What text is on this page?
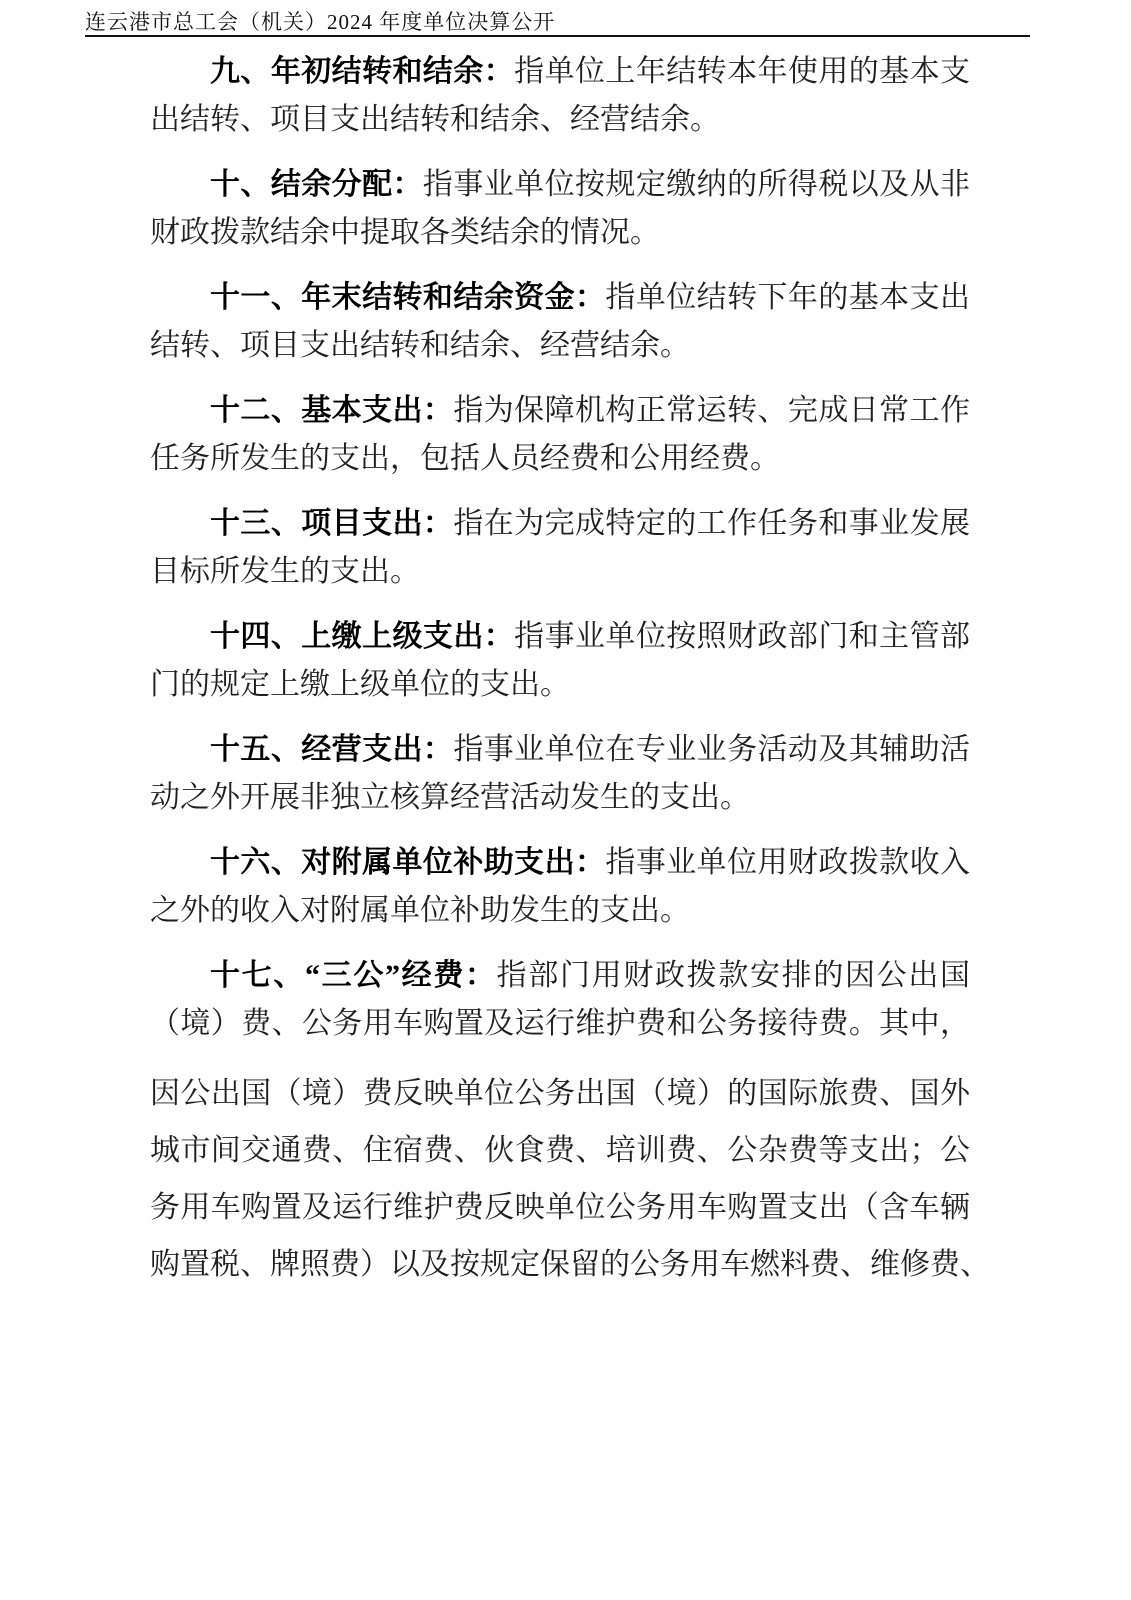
连云港市总工会（机关）2024 年度单位决算公开
九、年初结转和结余：指单位上年结转本年使用的基本支
出结转、项目支出结转和结余、经营结余。
十、结余分配：指事业单位按规定缴纳的所得税以及从非
财政拨款结余中提取各类结余的情况。
十一、年末结转和结余资金：指单位结转下年的基本支出
结转、项目支出结转和结余、经营结余。
十二、基本支出：指为保障机构正常运转、完成日常工作
任务所发生的支出，包括人员经费和公用经费。
十三、项目支出：指在为完成特定的工作任务和事业发展
目标所发生的支出。
十四、上缴上级支出：指事业单位按照财政部门和主管部
门的规定上缴上级单位的支出。
十五、经营支出：指事业单位在专业业务活动及其辅助活
动之外开展非独立核算经营活动发生的支出。
十六、对附属单位补助支出：指事业单位用财政拨款收入
之外的收入对附属单位补助发生的支出。
十七、“三公”经费：指部门用财政拨款安排的因公出国
（境）费、公务用车购置及运行维护费和公务接待费。其中，
因公出国（境）费反映单位公务出国（境）的国际旅费、国外
城市间交通费、住宿费、伙食费、培训费、公杂费等支出；公
务用车购置及运行维护费反映单位公务用车购置支出（含车辆
购置税、牌照费）以及按规定保留的公务用车燃料费、维修费、
